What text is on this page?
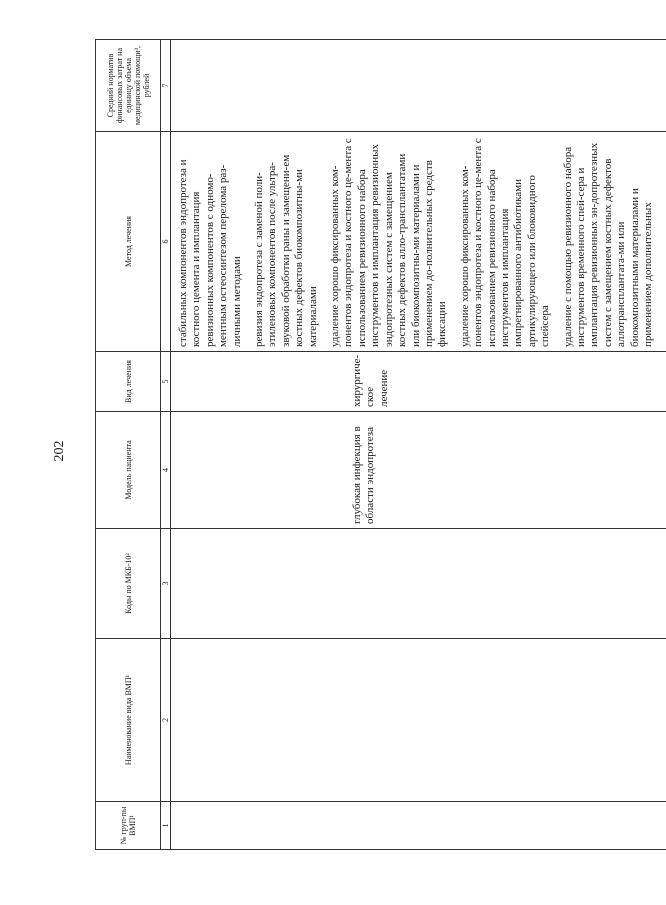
202
№ груп-пы ВМП¹	Наименование вида ВМП¹	Коды по МКБ-10²	Модель пациента	Вид лечения	Метод лечения	Средний норматив финансовых затрат на единицу объема медицинской помощи³, рублей
1	2	3	4	5	6	7
			глубокая инфекция в области эндопротеза	хирургиче-ское лечение	стабильных компонентов эндопротеза и костного цемента и имплантация ревизионных компонентов с одномо-ментным остеосинтезом перелома раз-личными методами ревизия эндопротеза с заменой поли-этиленовых компонентов после ультра-звуковой обработки раны и замещени-ем костных дефектов биокомпозитны-ми материалами удаление хорошо фиксированных ком-понентов эндопротеза и костного це-мента с использованием ревизионного набора инструментов и имплантация ревизионных эндопротезных систем с замещением костных дефектов алло-трансплантатами или биокомпозитны-ми материалами и применением до-полнительных средств фиксации удаление хорошо фиксированных ком-понентов эндопротеза и костного це-мента с использованием ревизионного набора инструментов и имплантация импрегнированного антибиотиками артикулирующего или блоковидного спейсера удаление с помощью ревизионного набора инструментов временного спей-сера и имплантация ревизионных эн-допротезных систем с замещением костных дефектов аллотрансплантата-ми или биокомпозитными материалами и применением дополнительных	
